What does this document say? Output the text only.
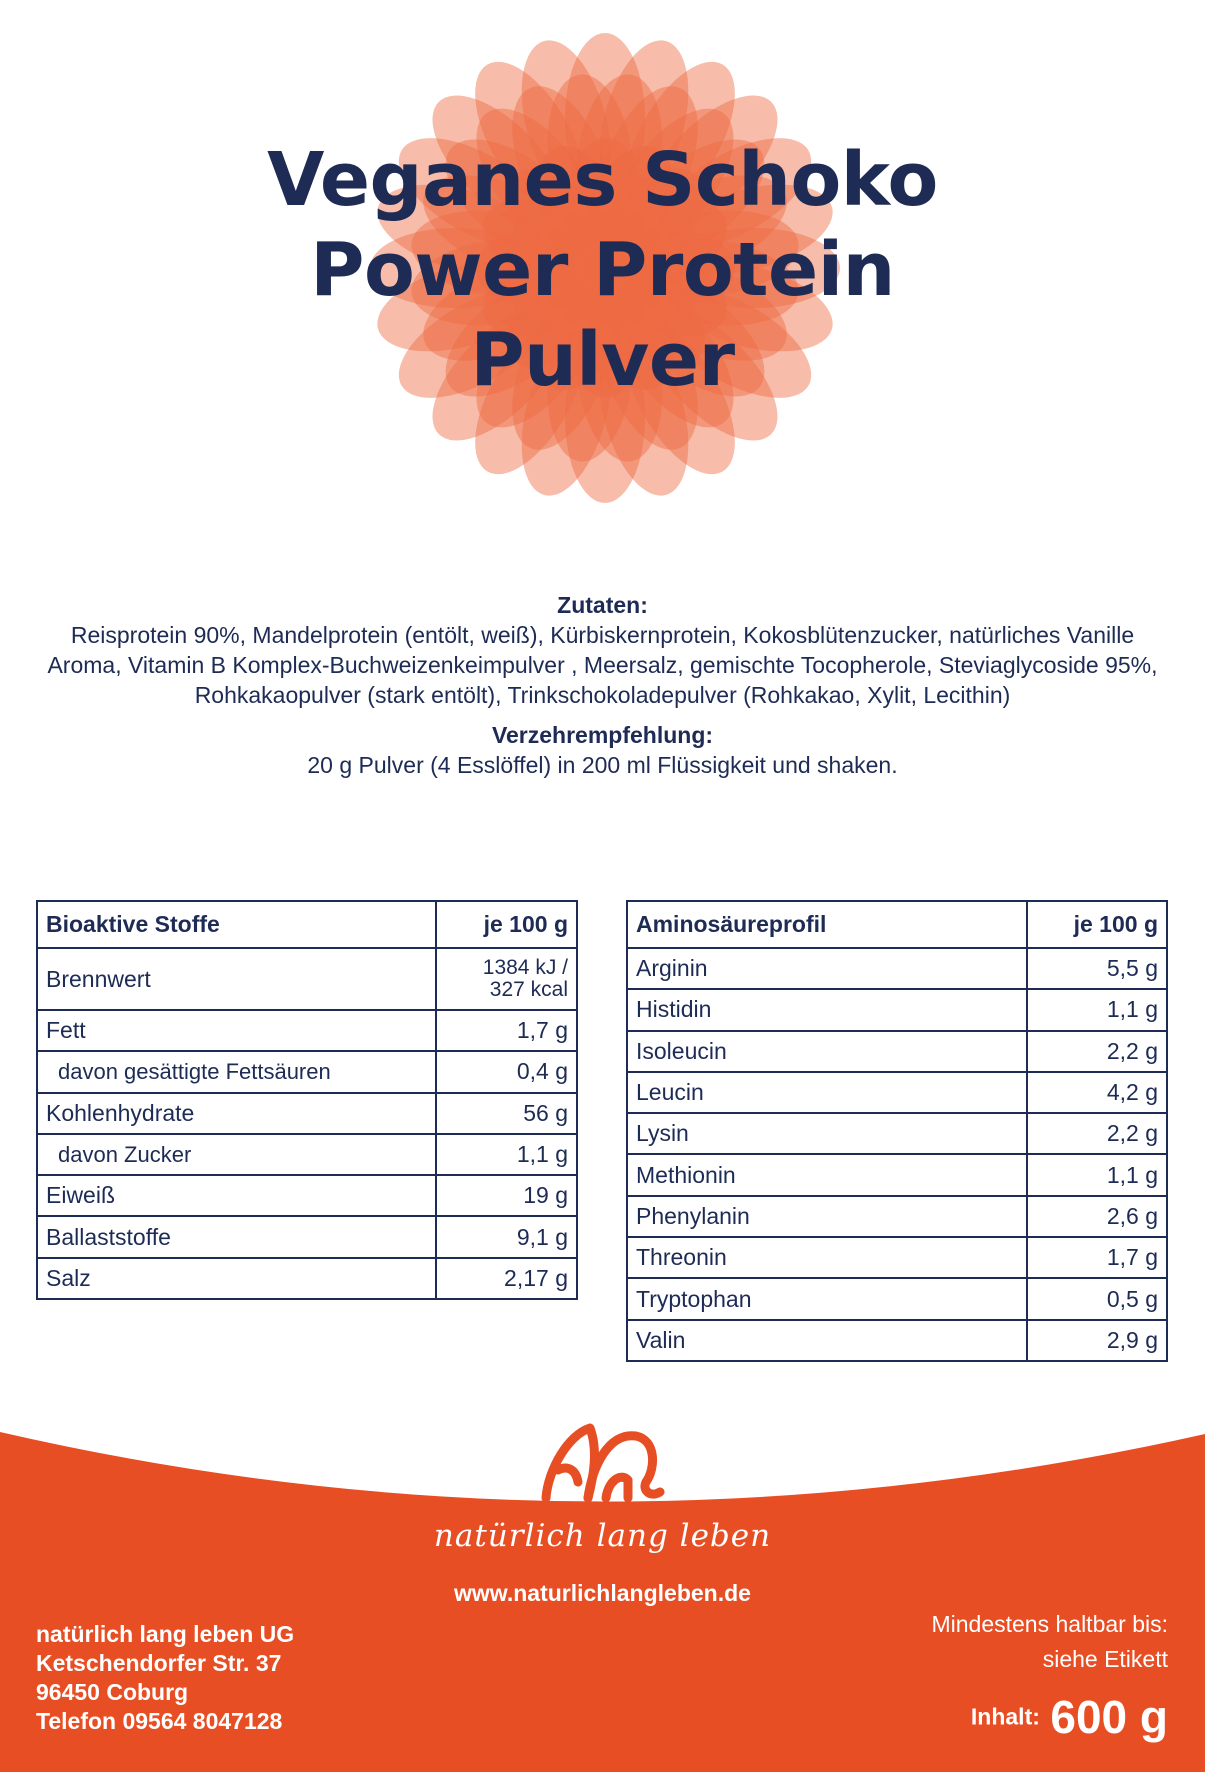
Veganes Schoko
Power Protein
Pulver
Zutaten:
Reisprotein 90%, Mandelprotein (entölt, weiß), Kürbiskernprotein, Kokosblütenzucker, natürliches Vanille Aroma, Vitamin B Komplex-Buchweizenkeimpulver , Meersalz, gemischte Tocopherole, Steviaglycoside 95%, Rohkakaopulver (stark entölt), Trinkschokoladepulver (Rohkakao, Xylit, Lecithin)
Verzehrempfehlung:
20 g Pulver (4 Esslöffel) in 200 ml Flüssigkeit und shaken.
Bioaktive Stoffe	je 100 g
Brennwert	1384 kJ /
327 kcal

Fett	1,7 g
davon gesättigte Fettsäuren	0,4 g
Kohlenhydrate	56 g
davon Zucker	1,1 g
Eiweiß	19 g
Ballaststoffe	9,1 g
Salz	2,17 g
Aminosäureprofil	je 100 g
Arginin	5,5 g
Histidin	1,1 g
Isoleucin	2,2 g
Leucin	4,2 g
Lysin	2,2 g
Methionin	1,1 g
Phenylanin	2,6 g
Threonin	1,7 g
Tryptophan	0,5 g
Valin	2,9 g
natürlich lang leben
www.naturlichlangleben.de
natürlich lang leben UG
Ketschendorfer Str. 37
96450 Coburg
Telefon 09564 8047128
Mindestens haltbar bis:
siehe Etikett
Inhalt: 600 g
